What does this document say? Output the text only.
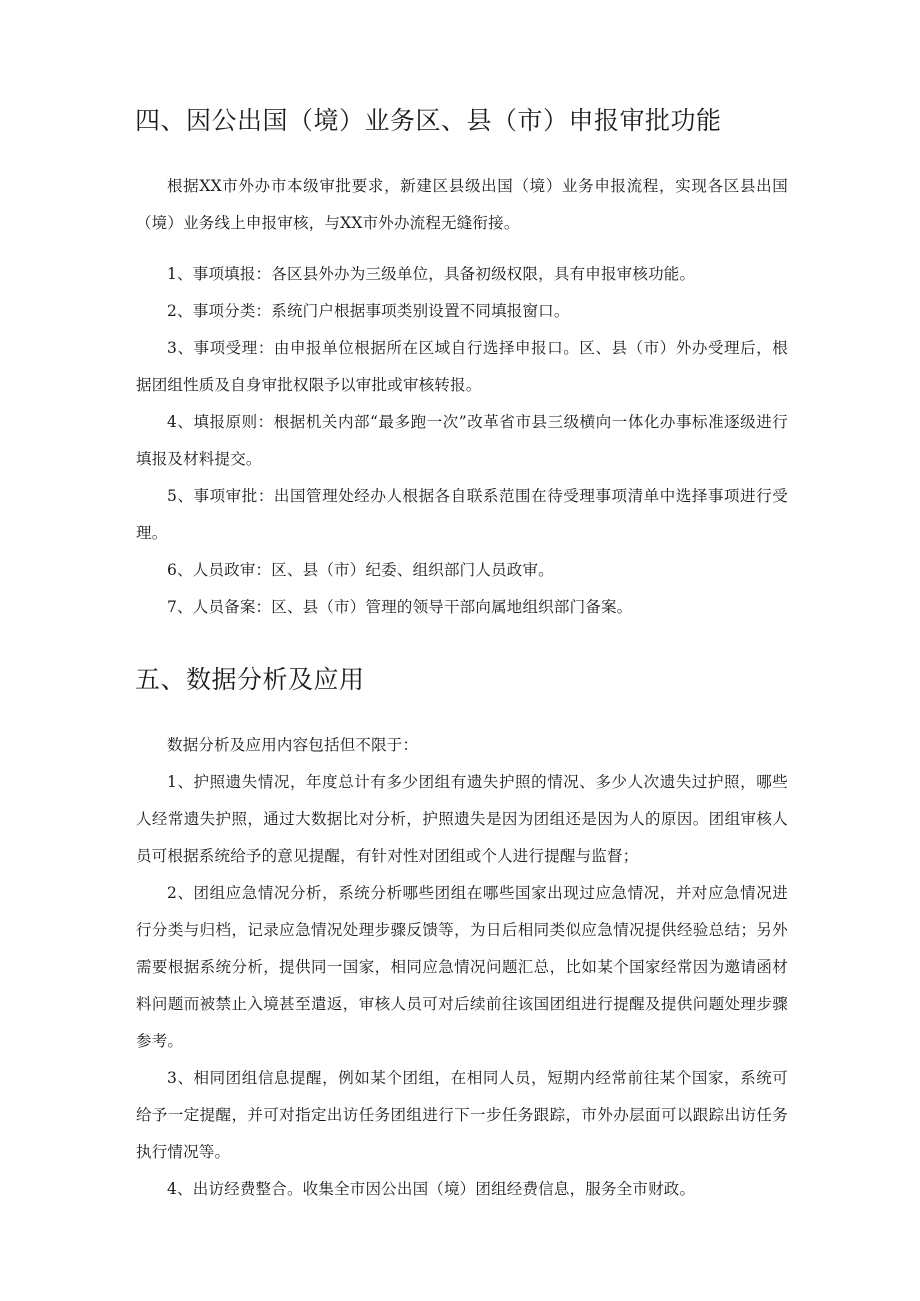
四、因公出国（境）业务区、县（市）申报审批功能

根据XX市外办市本级审批要求，新建区县级出国（境）业务申报流程，实现各区县出国（境）业务线上申报审核，与XX市外办流程无缝衔接。

1、事项填报：各区县外办为三级单位，具备初级权限，具有申报审核功能。

2、事项分类：系统门户根据事项类别设置不同填报窗口。

3、事项受理：由申报单位根据所在区域自行选择申报口。区、县（市）外办受理后，根据团组性质及自身审批权限予以审批或审核转报。

4、填报原则：根据机关内部“最多跑一次”改革省市县三级横向一体化办事标准逐级进行填报及材料提交。

5、事项审批：出国管理处经办人根据各自联系范围在待受理事项清单中选择事项进行受理。

6、人员政审：区、县（市）纪委、组织部门人员政审。

7、人员备案：区、县（市）管理的领导干部向属地组织部门备案。

五、数据分析及应用

数据分析及应用内容包括但不限于：

1、护照遗失情况，年度总计有多少团组有遗失护照的情况、多少人次遗失过护照，哪些人经常遗失护照，通过大数据比对分析，护照遗失是因为团组还是因为人的原因。团组审核人员可根据系统给予的意见提醒，有针对性对团组或个人进行提醒与监督；

2、团组应急情况分析，系统分析哪些团组在哪些国家出现过应急情况，并对应急情况进行分类与归档，记录应急情况处理步骤反馈等，为日后相同类似应急情况提供经验总结；另外需要根据系统分析，提供同一国家，相同应急情况问题汇总，比如某个国家经常因为邀请函材料问题而被禁止入境甚至遣返，审核人员可对后续前往该国团组进行提醒及提供问题处理步骤参考。

3、相同团组信息提醒，例如某个团组，在相同人员，短期内经常前往某个国家，系统可给予一定提醒，并可对指定出访任务团组进行下一步任务跟踪，市外办层面可以跟踪出访任务执行情况等。

4、出访经费整合。收集全市因公出国（境）团组经费信息，服务全市财政。
